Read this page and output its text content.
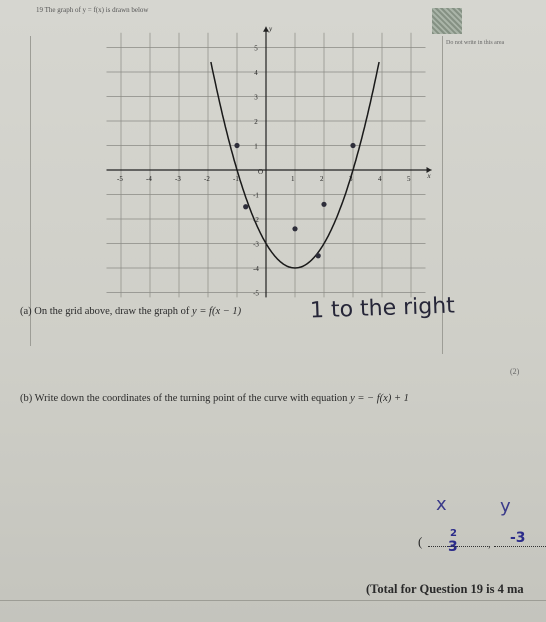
19 The graph of y = f(x) is drawn below
Do not write in this area
-5	-4	-3	-2	-1
O
1	2	3	4	5 x
5
4
3
2
1
-1
-2
-3
-4
-5
y
(a) On the grid above, draw the graph of y = f(x − 1)	1 to the right
(2)
(b) Write down the coordinates of the turning point of the curve with equation y = − f(x) + 1
x	y
(
2
3	, -3
(Total for Question 19 is 4 ma
